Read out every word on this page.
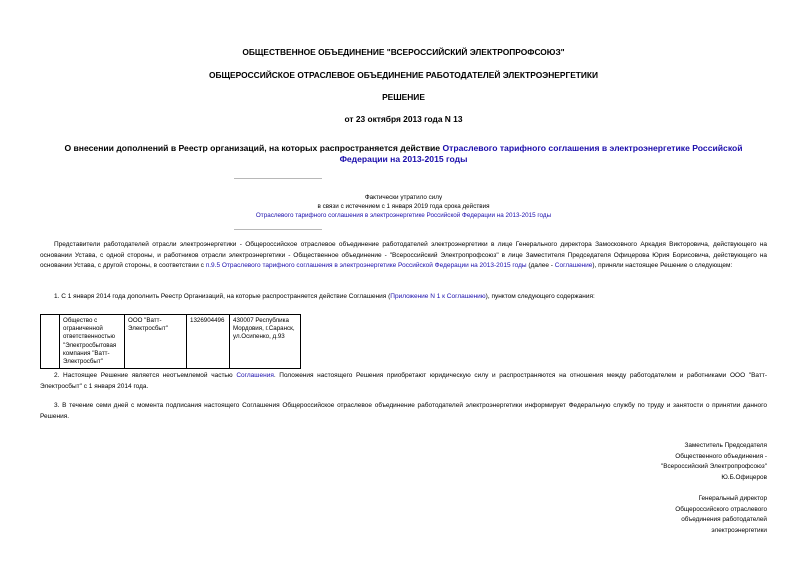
ОБЩЕСТВЕННОЕ ОБЪЕДИНЕНИЕ "ВСЕРОССИЙСКИЙ ЭЛЕКТРОПРОФСОЮЗ"
ОБЩЕРОССИЙСКОЕ ОТРАСЛЕВОЕ ОБЪЕДИНЕНИЕ РАБОТОДАТЕЛЕЙ ЭЛЕКТРОЭНЕРГЕТИКИ
РЕШЕНИЕ
от 23 октября 2013 года N 13
О внесении дополнений в Реестр организаций, на которых распространяется действие Отраслевого тарифного соглашения в электроэнергетике Российской Федерации на 2013-2015 годы
Фактически утратило силу
в связи с истечением с 1 января 2019 года срока действия
Отраслевого тарифного соглашения в электроэнергетике Российской Федерации на 2013-2015 годы
Представители работодателей отрасли электроэнергетики - Общероссийское отраслевое объединение работодателей электроэнергетики в лице Генерального директора Замосковного Аркадия Викторовича, действующего на основании Устава, с одной стороны, и работников отрасли электроэнергетики - Общественное объединение - "Всероссийский Электропрофсоюз" в лице Заместителя Председателя Офицерова Юрия Борисовича, действующего на основании Устава, с другой стороны, в соответствии с п.9.5 Отраслевого тарифного соглашения в электроэнергетике Российской Федерации на 2013-2015 годы (далее - Соглашение), приняли настоящее Решение о следующем:
1. С 1 января 2014 года дополнить Реестр Организаций, на которые распространяется действие Соглашения (Приложение N 1 к Соглашению), пунктом следующего содержания:
	Общество с ограниченной ответственностью "Электросбытовая компания "Ватт-Электросбыт"	ООО "Ватт-Электросбыт"	1326904496	430007 Республика Мордовия, г.Саранск, ул.Осипенко, д.93
2. Настоящее Решение является неотъемлемой частью Соглашения. Положения настоящего Решения приобретают юридическую силу и распространяются на отношения между работодателем и работниками ООО "Ватт-Электросбыт" с 1 января 2014 года.
3. В течение семи дней с момента подписания настоящего Соглашения Общероссийское отраслевое объединение работодателей электроэнергетики информирует Федеральную службу по труду и занятости о принятии данного Решения.
Заместитель Председателя
Общественного объединения -
"Всероссийский Электропрофсоюз"
Ю.Б.Офицеров
Генеральный директор
Общероссийского отраслевого
объединения работодателей
электроэнергетики
